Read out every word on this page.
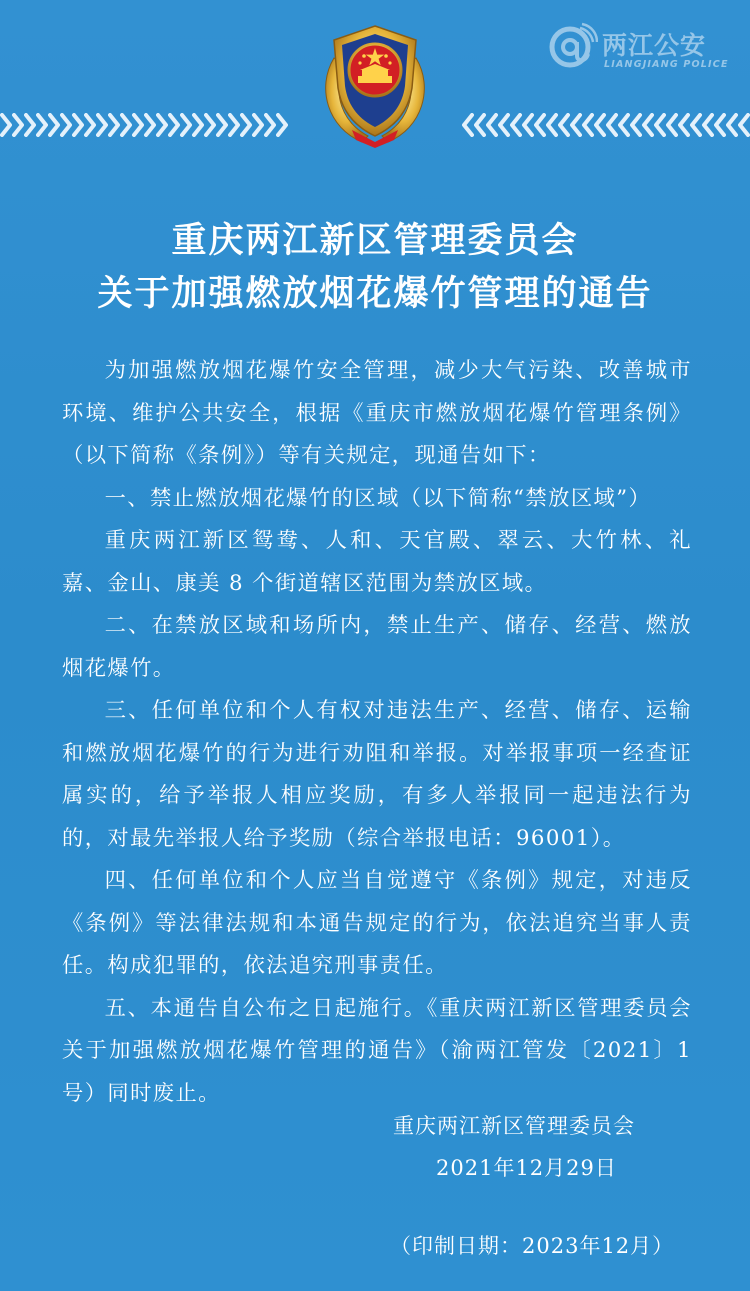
两江公安
LIANGJIANG POLICE
重庆两江新区管理委员会
关于加强燃放烟花爆竹管理的通告

为加强燃放烟花爆竹安全管理，减少大气污染、改善城市环境、维护公共安全，根据《重庆市燃放烟花爆竹管理条例》（以下简称《条例》）等有关规定，现通告如下：

一、禁止燃放烟花爆竹的区域（以下简称“禁放区域”）

重庆两江新区鸳鸯、人和、天官殿、翠云、大竹林、礼嘉、金山、康美 8 个街道辖区范围为禁放区域。

二、在禁放区域和场所内，禁止生产、储存、经营、燃放烟花爆竹。

三、任何单位和个人有权对违法生产、经营、储存、运输和燃放烟花爆竹的行为进行劝阻和举报。对举报事项一经查证属实的，给予举报人相应奖励，有多人举报同一起违法行为的，对最先举报人给予奖励（综合举报电话：96001）。

四、任何单位和个人应当自觉遵守《条例》规定，对违反《条例》等法律法规和本通告规定的行为，依法追究当事人责任。构成犯罪的，依法追究刑事责任。

五、本通告自公布之日起施行。《重庆两江新区管理委员会关于加强燃放烟花爆竹管理的通告》（渝两江管发〔2021〕1 号）同时废止。

重庆两江新区管理委员会
2021年12月29日
（印制日期：2023年12月）
